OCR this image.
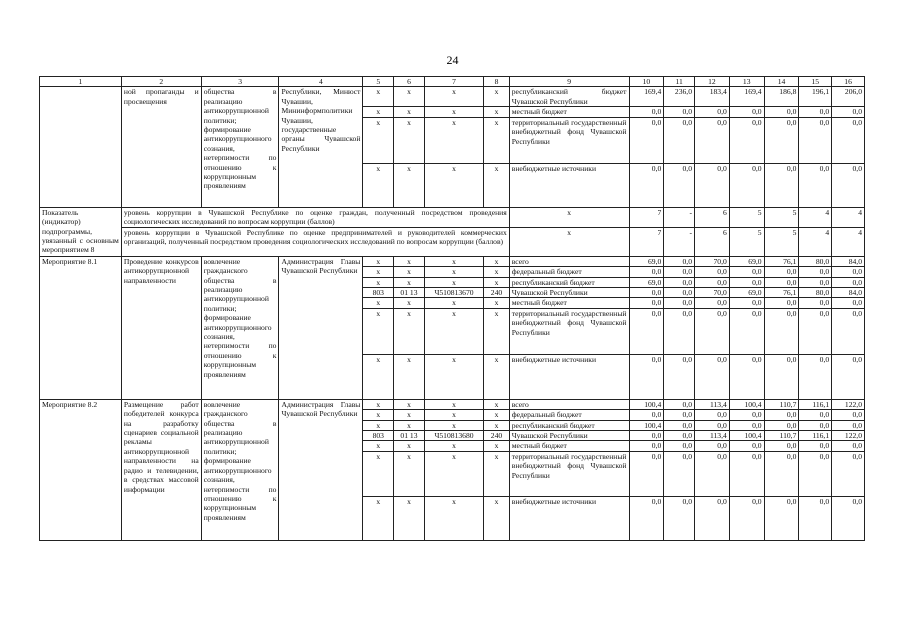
24
1	2	3	4	5	6	7	8	9	10	11	12	13	14	15	16
	ной пропаганды и просвещения	общества в реализацию антикоррупционной политики; формирование антикоррупционного сознания, нетерпимости по отношению к коррупционным проявлениям	Республики, Минюст Чувашии, Мининформполитики Чувашии, государственные органы Чувашской Республики	x	x	x	x	республиканский бюджет Чувашской Республики	169,4	236,0	183,4	169,4	186,8	196,1	206,0
				x	x	x	x	местный бюджет	0,0	0,0	0,0	0,0	0,0	0,0	0,0
				x	x	x	x	территориальный государственный внебюджетный фонд Чувашской Республики	0,0	0,0	0,0	0,0	0,0	0,0	0,0
				x	x	x	x	внебюджетные источники	0,0	0,0	0,0	0,0	0,0	0,0	0,0
Показатель (индикатор) подпрограммы, увязанный с основным мероприятием 8	уровень коррупции в Чувашской Республике по оценке граждан, полученный посредством проведения социологических исследований по вопросам коррупции (баллов)							x	7	-	6	5	5	4	4
	уровень коррупции в Чувашской Республике по оценке предпринимателей и руководителей коммерческих организаций, полученный посредством проведения социологических исследований по вопросам коррупции (баллов)							x	7	-	6	5	5	4	4
Мероприятие 8.1	Проведение конкурсов антикоррупционной направленности	вовлечение гражданского общества в реализацию антикоррупционной политики; формирование антикоррупционного сознания, нетерпимости по отношению к коррупционным проявлениям	Администрация Главы Чувашской Республики	x	x	x	x	всего	69,0	0,0	70,0	69,0	76,1	80,0	84,0
				x	x	x	x	федеральный бюджет	0,0	0,0	0,0	0,0	0,0	0,0	0,0
				x	x	x	x	республиканский бюджет	69,0	0,0	0,0	0,0	0,0	0,0	0,0
				803	01 13	Ч510813670	240	Чувашской Республики	0,0	0,0	70,0	69,0	76,1	80,0	84,0
				x	x	x	x	местный бюджет	0,0	0,0	0,0	0,0	0,0	0,0	0,0
				x	x	x	x	территориальный государственный внебюджетный фонд Чувашской Республики	0,0	0,0	0,0	0,0	0,0	0,0	0,0
				x	x	x	x	внебюджетные источники	0,0	0,0	0,0	0,0	0,0	0,0	0,0
Мероприятие 8.2	Размещение работ победителей конкурса на разработку сценариев социальной рекламы антикоррупционной направленности на радио и телевидении, в средствах массовой информации	вовлечение гражданского общества в реализацию антикоррупционной политики; формирование антикоррупционного сознания, нетерпимости по отношению к коррупционным проявлениям	Администрация Главы Чувашской Республики	x	x	x	x	всего	100,4	0,0	113,4	100,4	110,7	116,1	122,0
				x	x	x	x	федеральный бюджет	0,0	0,0	0,0	0,0	0,0	0,0	0,0
				x	x	x	x	республиканский бюджет	100,4	0,0	0,0	0,0	0,0	0,0	0,0
				803	01 13	Ч510813680	240	Чувашской Республики	0,0	0,0	113,4	100,4	110,7	116,1	122,0
				x	x	x	x	местный бюджет	0,0	0,0	0,0	0,0	0,0	0,0	0,0
				x	x	x	x	территориальный государственный внебюджетный фонд Чувашской Республики	0,0	0,0	0,0	0,0	0,0	0,0	0,0
				x	x	x	x	внебюджетные источники	0,0	0,0	0,0	0,0	0,0	0,0	0,0
